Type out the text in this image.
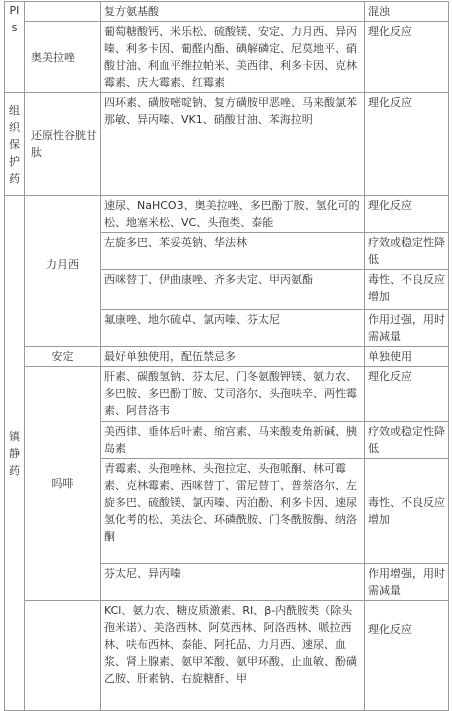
PIs		复方氨基酸	混浊
	奥美拉唑	葡萄糖酸钙、米乐松、硫酸镁、安定、力月西、异丙嗪、利多卡因、葡醛内酯、碘解磷定、尼莫地平、硝酸甘油、利血平维拉帕米、美西律、利多卡因、克林霉素、庆大霉素、红霉素	理化反应

组织保护药	还原性谷胱甘肽	四环素、磺胺嘧啶钠、复方磺胺甲恶唑、马来酸氯苯那敏、异丙嗪、VK1、硝酸甘油、苯海拉明	理化反应

镇静药	力月西	速尿、NaHCO3、奥美拉唑、多巴酚丁胺、氢化可的松、地塞米松、VC、头孢类、泰能	理化反应
		左旋多巴、苯妥英钠、华法林	疗效或稳定性降低
		西咪替丁、伊曲康唑、齐多夫定、甲丙氨酯	毒性、不良反应增加
		氟康唑、地尔硫卓、氯丙嗪、芬太尼	作用过强，用时需减量
	安定	最好单独使用，配伍禁忌多	单独使用
	吗啡	肝素、碳酸氢钠、芬太尼、门冬氨酸钾镁、氨力农、多巴胺、多巴酚丁胺、艾司洛尔、头孢呋辛、两性霉素、阿昔洛韦	理化反应
		美西律、垂体后叶素、缩宫素、马来酸麦角新碱、胰岛素	疗效或稳定性降低
		青霉素、头孢唑林、头孢拉定、头孢哌酮、林可霉素、克林霉素、西咪替丁、雷尼替丁、普萘洛尔、左旋多巴、硫酸镁、氯丙嗪、丙泊酚、利多卡因、速尿氢化考的松、美法仑、环磷酰胺、门冬酰胺酶、纳洛酮	毒性、不良反应增加
		芬太尼、异丙嗪	作用增强，用时需减量
		KCl、氨力农、糖皮质激素、RI、β-内酰胺类（除头孢米诺）、美洛西林、阿莫西林、阿洛西林、哌拉西林、呋布西林、泰能、阿托品、力月西、速尿、血浆、肾上腺素、氨甲苯酸、氨甲环酸、止血敏、酚磺乙胺、肝素钠、右旋糖酐、甲	理化反应
